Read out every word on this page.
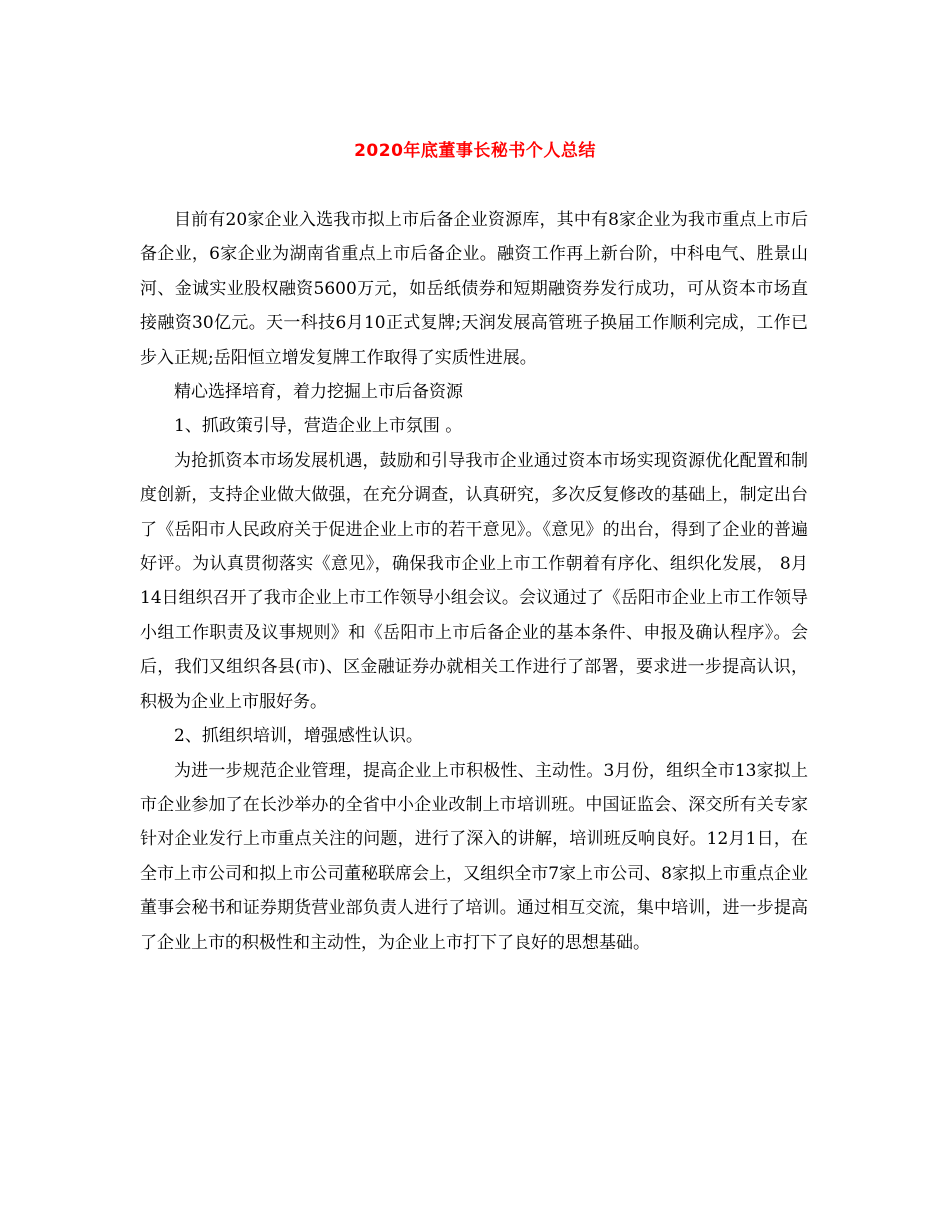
2020年底董事长秘书个人总结

目前有20家企业入选我市拟上市后备企业资源库，其中有8家企业为我市重点上市后备企业，6家企业为湖南省重点上市后备企业。融资工作再上新台阶，中科电气、胜景山河、金诚实业股权融资5600万元，如岳纸债券和短期融资券发行成功，可从资本市场直接融资30亿元。天一科技6月10正式复牌;天润发展高管班子换届工作顺利完成，工作已步入正规;岳阳恒立增发复牌工作取得了实质性进展。

精心选择培育，着力挖掘上市后备资源

1、抓政策引导，营造企业上市氛围 。

为抢抓资本市场发展机遇，鼓励和引导我市企业通过资本市场实现资源优化配置和制度创新，支持企业做大做强，在充分调查，认真研究，多次反复修改的基础上，制定出台了《岳阳市人民政府关于促进企业上市的若干意见》。《意见》的出台，得到了企业的普遍好评。为认真贯彻落实《意见》，确保我市企业上市工作朝着有序化、组织化发展， 8月14日组织召开了我市企业上市工作领导小组会议。会议通过了《岳阳市企业上市工作领导小组工作职责及议事规则》和《岳阳市上市后备企业的基本条件、申报及确认程序》。会后，我们又组织各县(市)、区金融证券办就相关工作进行了部署，要求进一步提高认识，积极为企业上市服好务。

2、抓组织培训，增强感性认识。

为进一步规范企业管理，提高企业上市积极性、主动性。3月份，组织全市13家拟上市企业参加了在长沙举办的全省中小企业改制上市培训班。中国证监会、深交所有关专家针对企业发行上市重点关注的问题，进行了深入的讲解，培训班反响良好。12月1日，在全市上市公司和拟上市公司董秘联席会上，又组织全市7家上市公司、8家拟上市重点企业董事会秘书和证券期货营业部负责人进行了培训。通过相互交流，集中培训，进一步提高了企业上市的积极性和主动性，为企业上市打下了良好的思想基础。
